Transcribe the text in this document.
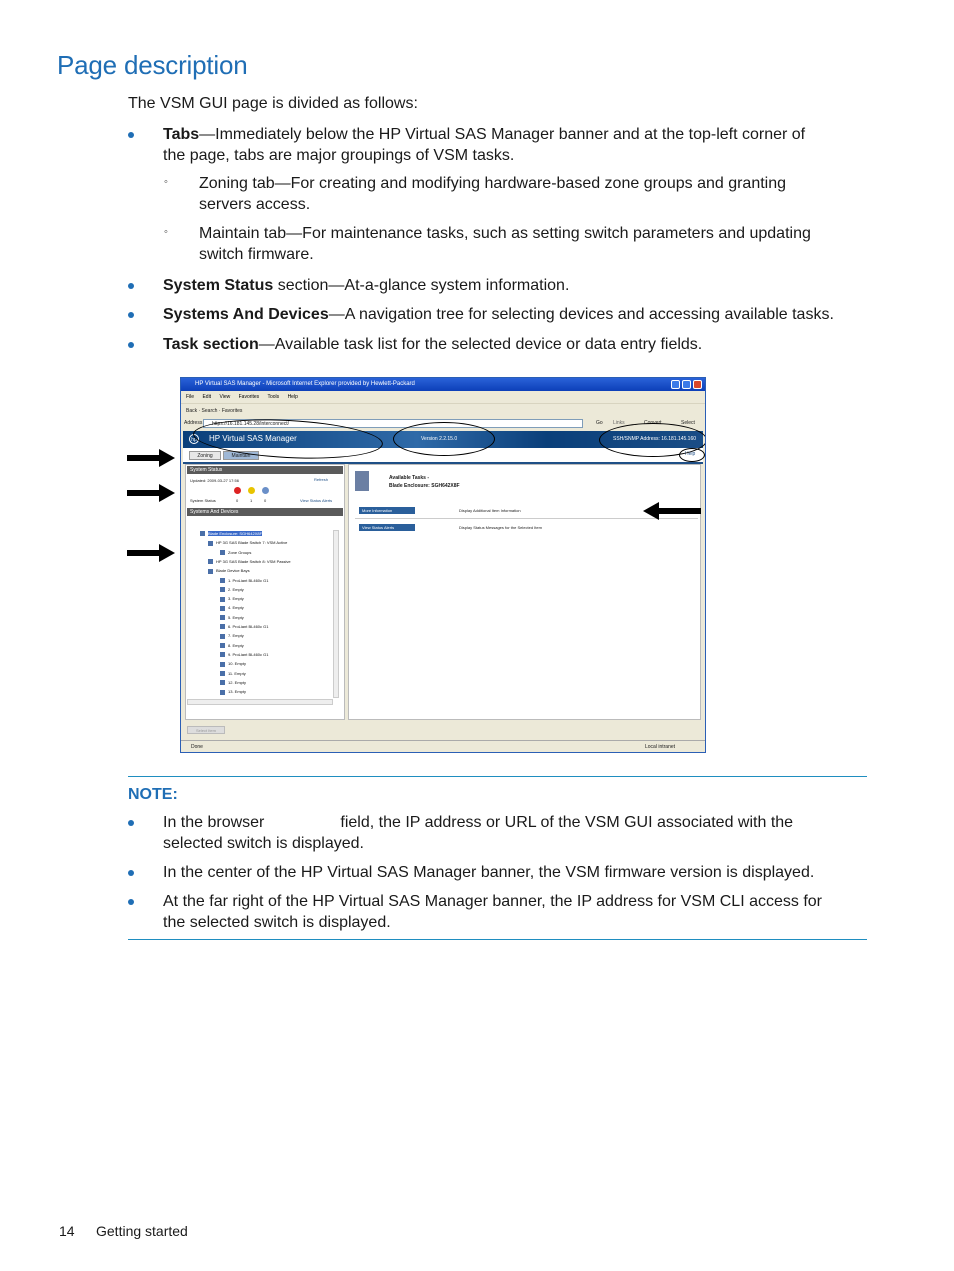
Page description
The VSM GUI page is divided as follows:
Tabs—Immediately below the HP Virtual SAS Manager banner and at the top-left corner of
the page, tabs are major groupings of VSM tasks.
◦ Zoning tab—For creating and modifying hardware-based zone groups and granting
servers access.
◦ Maintain tab—For maintenance tasks, such as setting switch parameters and updating
switch firmware.
System Status section—At-a-glance system information.
Systems And Devices—A navigation tree for selecting devices and accessing available tasks.
Task section—Available task list for the selected device or data entry fields.
HP Virtual SAS Manager - Microsoft Internet Explorer provided by Hewlett-Packard
File Edit View Favorites Tools Help
Back · Search · Favorites
Address	https://16.181.145.28/interconnect/	Go Links	Convert	Select
hp HP Virtual SAS Manager	Version 2.2.15.0	SSH/SNMP Address: 16.181.145.160
Zoning	Maintain	Help
System Status
Refresh
Updated: 2009-03-27 17:56
System Status	0	1	0	View Status Alerts
Systems And Devices
Blade Enclosure: SGH642X8F
HP 3G SAS Blade Switch 7: VSM Active
Zone Groups
HP 3G SAS Blade Switch 8: VSM Passive
Blade Device Bays
1. ProLiant BL460c G1
2. Empty
3. Empty
4. Empty
5. Empty
6. ProLiant BL460c G1
7. Empty
8. Empty
9. ProLiant BL460c G1
10. Empty
11. Empty
12. Empty
13. Empty
Select Item
Available Tasks -
Blade Enclosure: SGH642X8F
More Information	Display Additional Item Information
View Status Alerts	Display Status Messages for the Selected Item
Done	Local intranet
NOTE:
In the browser	field, the IP address or URL of the VSM GUI associated with the
selected switch is displayed.
In the center of the HP Virtual SAS Manager banner, the VSM firmware version is displayed.
At the far right of the HP Virtual SAS Manager banner, the IP address for VSM CLI access for
the selected switch is displayed.
14 Getting started
